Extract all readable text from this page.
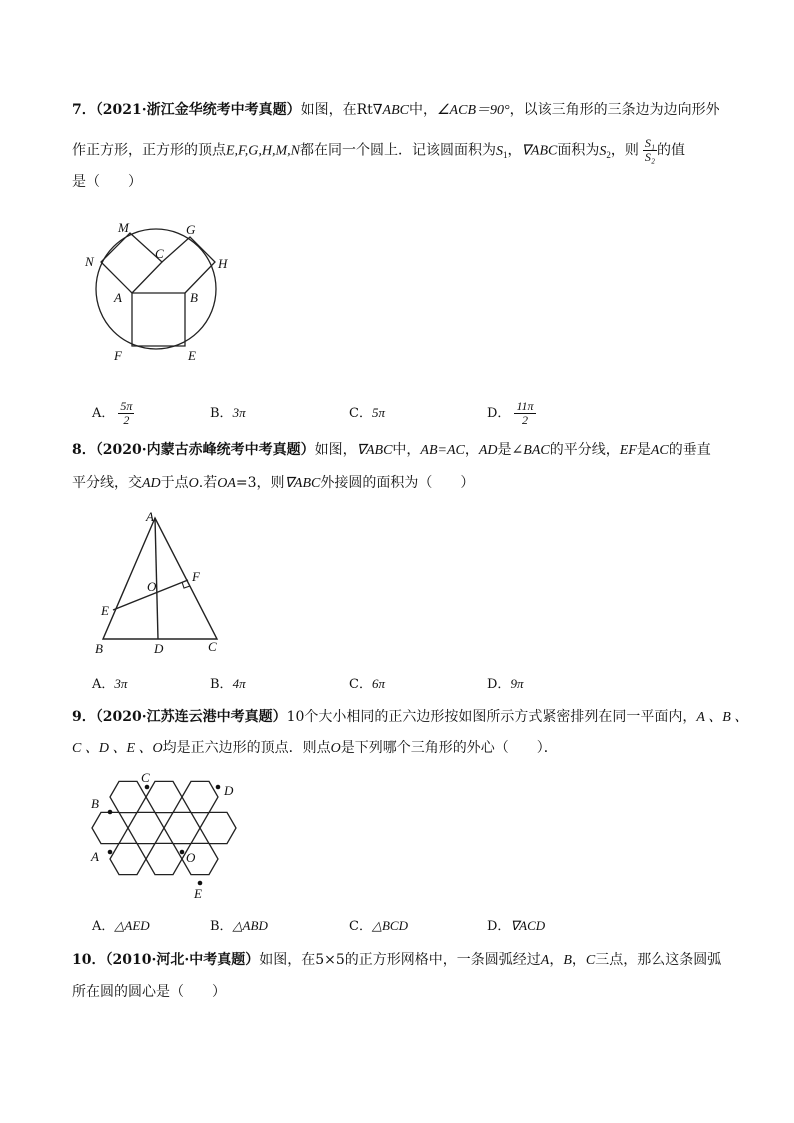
7．（2021·浙江金华统考中考真题）如图，在Rt∇ABC中，∠ACB＝90°，以该三角形的三条边为边向形外
作正方形，正方形的顶点E,F,G,H,M,N都在同一个圆上．记该圆面积为$S_1$，∇ABC面积为$S_2$，则 $\frac{\text{S₁}}{\text{S₂}}$ 的值
是（　　）
M	G
N
C
H
A	B
F	E
A． $\frac{5\pi}{2}$	B．3π	C．5π	D． $\frac{11\pi}{2}$
8．（2020·内蒙古赤峰统考中考真题）如图，∇ABC中，AB=AC，AD是∠BAC的平分线，EF是AC的垂直
平分线，交AD于点O.若OA=3，则∇ABC外接圆的面积为（　　）
A
O
F
E
B	D	C
A．3π	B．4π	C．6π	D．9π
9．（2020·江苏连云港中考真题）10个大小相同的正六边形按如图所示方式紧密排列在同一平面内，A 、B 、
C 、D 、E 、O均是正六边形的顶点．则点O是下列哪个三角形的外心（　　）．
C
D
B
A	O
E
A．△AED	B．△ABD	C．△BCD	D．∇ACD
10．（2010·河北·中考真题）如图，在5×5的正方形网格中，一条圆弧经过A，B，C三点，那么这条圆弧
所在圆的圆心是（　　）
